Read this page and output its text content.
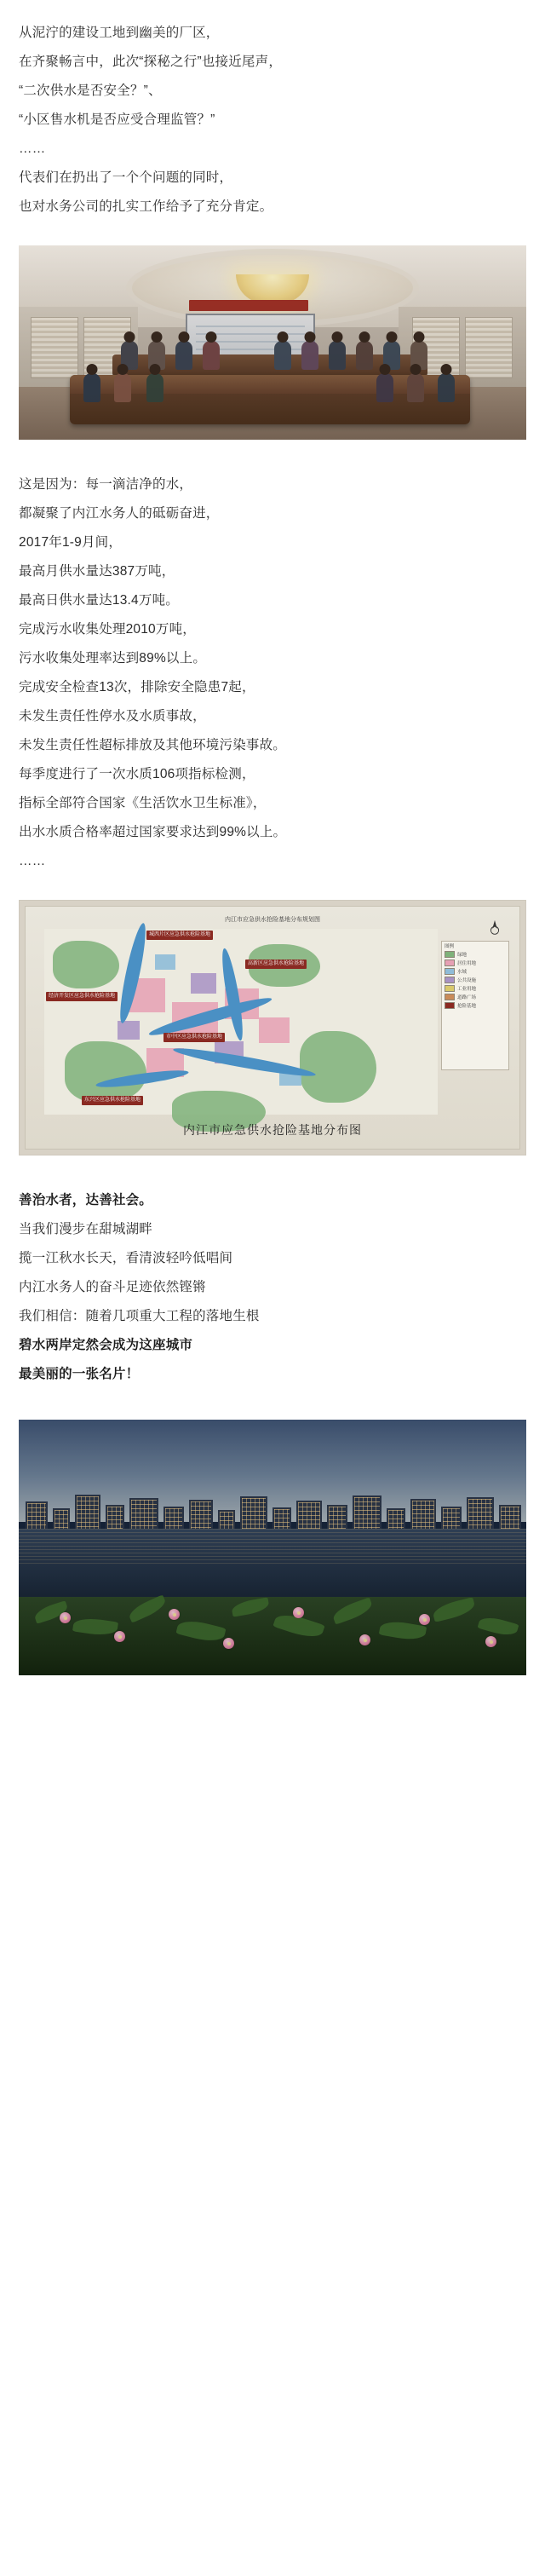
从泥泞的建设工地到幽美的厂区，
在齐聚畅言中，此次“探秘之行”也接近尾声，
“二次供水是否安全？”、
“小区售水机是否应受合理监管？”
……
代表们在扔出了一个个问题的同时，
也对水务公司的扎实工作给予了充分肯定。
这是因为：每一滴洁净的水，
都凝聚了内江水务人的砥砺奋进，
2017年1-9月间，
最高月供水量达387万吨，
最高日供水量达13.4万吨。
完成污水收集处理2010万吨，
污水收集处理率达到89%以上。
完成安全检查13次，排除安全隐患7起，
未发生责任性停水及水质事故，
未发生责任性超标排放及其他环境污染事故。
每季度进行了一次水质106项指标检测，
指标全部符合国家《生活饮水卫生标准》，
出水水质合格率超过国家要求达到99%以上。
……
内江市应急供水抢险基地分布规划图
城西片区应急供水抢险基地
高新区应急供水抢险基地
经济开发区应急供水抢险基地
市中区应急供水抢险基地
东兴区应急供水抢险基地
图例
绿地
居住用地
水域
公共设施
工业用地
道路广场
抢险基地
内江市应急供水抢险基地分布图
善治水者，达善社会。
当我们漫步在甜城湖畔
揽一江秋水长天，看清波轻吟低唱间
内江水务人的奋斗足迹依然铿锵
我们相信：随着几项重大工程的落地生根
碧水两岸定然会成为这座城市
最美丽的一张名片！
